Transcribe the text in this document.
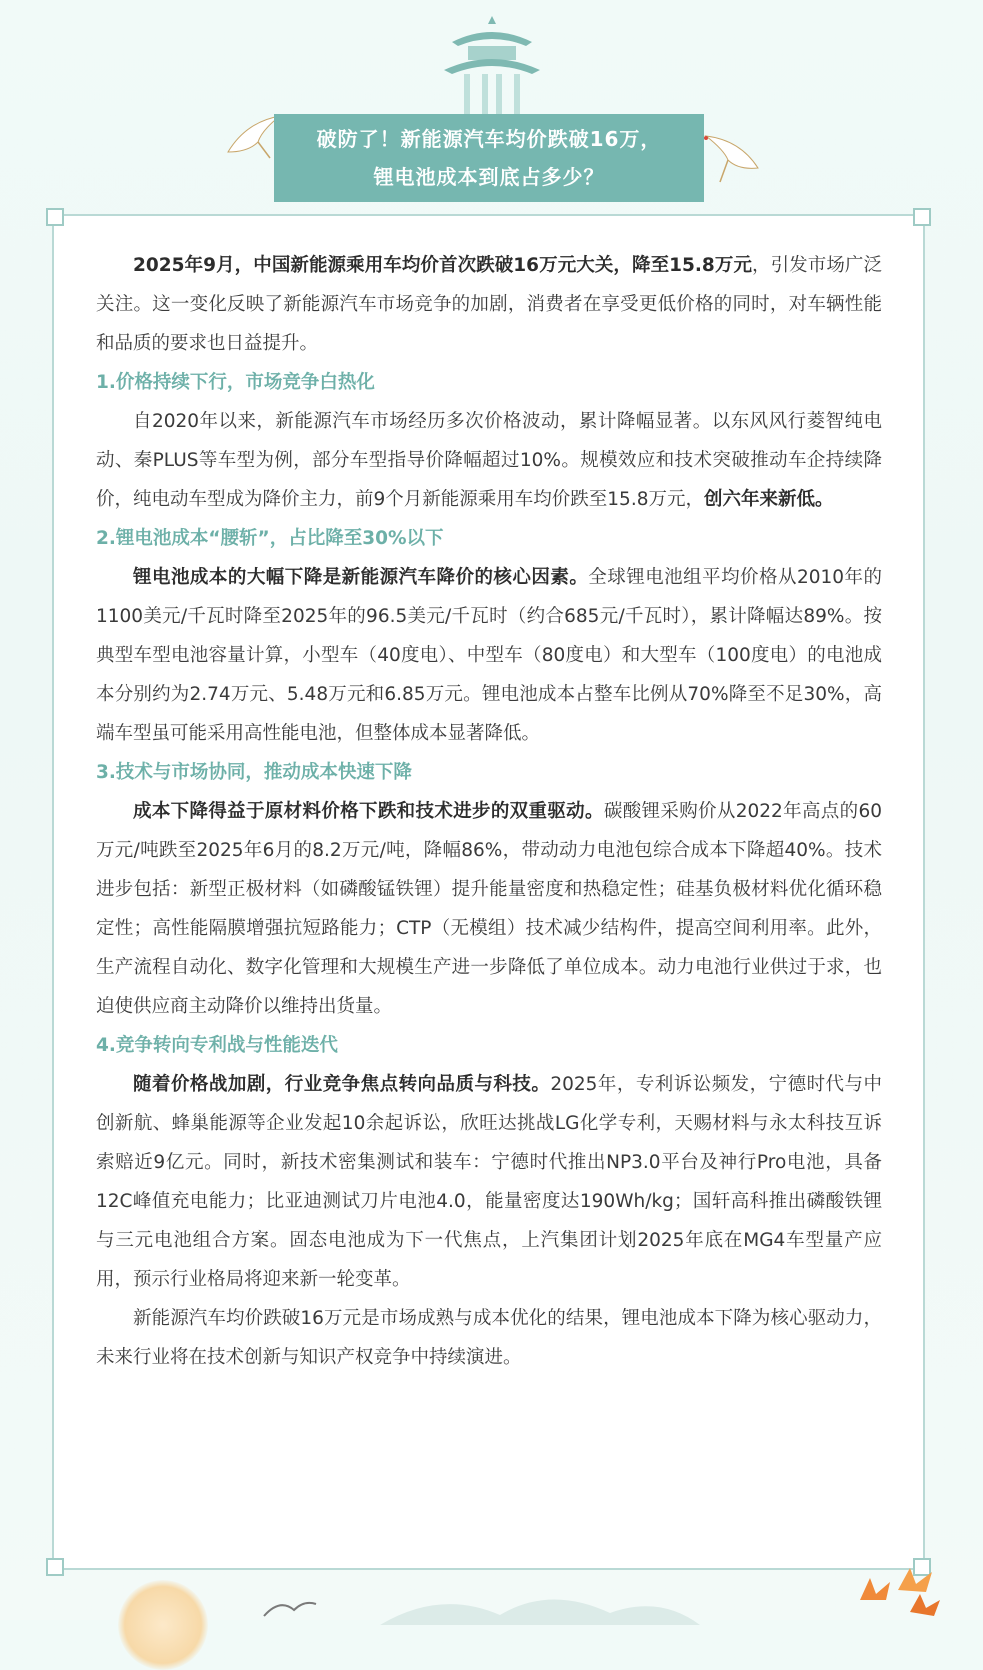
破防了！新能源汽车均价跌破16万，
锂电池成本到底占多少？

2025年9月，中国新能源乘用车均价首次跌破16万元大关，降至15.8万元，引发市场广泛关注。这一变化反映了新能源汽车市场竞争的加剧，消费者在享受更低价格的同时，对车辆性能和品质的要求也日益提升。

1.价格持续下行，市场竞争白热化

自2020年以来，新能源汽车市场经历多次价格波动，累计降幅显著。以东风风行菱智纯电动、秦PLUS等车型为例，部分车型指导价降幅超过10%。规模效应和技术突破推动车企持续降价，纯电动车型成为降价主力，前9个月新能源乘用车均价跌至15.8万元，创六年来新低。

2.锂电池成本“腰斩”，占比降至30%以下

锂电池成本的大幅下降是新能源汽车降价的核心因素。全球锂电池组平均价格从2010年的1100美元/千瓦时降至2025年的96.5美元/千瓦时（约合685元/千瓦时），累计降幅达89%。按典型车型电池容量计算，小型车（40度电）、中型车（80度电）和大型车（100度电）的电池成本分别约为2.74万元、5.48万元和6.85万元。锂电池成本占整车比例从70%降至不足30%，高端车型虽可能采用高性能电池，但整体成本显著降低。

3.技术与市场协同，推动成本快速下降

成本下降得益于原材料价格下跌和技术进步的双重驱动。碳酸锂采购价从2022年高点的60万元/吨跌至2025年6月的8.2万元/吨，降幅86%，带动动力电池包综合成本下降超40%。技术进步包括：新型正极材料（如磷酸锰铁锂）提升能量密度和热稳定性；硅基负极材料优化循环稳定性；高性能隔膜增强抗短路能力；CTP（无模组）技术减少结构件，提高空间利用率。此外，生产流程自动化、数字化管理和大规模生产进一步降低了单位成本。动力电池行业供过于求，也迫使供应商主动降价以维持出货量。

4.竞争转向专利战与性能迭代

随着价格战加剧，行业竞争焦点转向品质与科技。2025年，专利诉讼频发，宁德时代与中创新航、蜂巢能源等企业发起10余起诉讼，欣旺达挑战LG化学专利，天赐材料与永太科技互诉索赔近9亿元。同时，新技术密集测试和装车：宁德时代推出NP3.0平台及神行Pro电池，具备12C峰值充电能力；比亚迪测试刀片电池4.0，能量密度达190Wh/kg；国轩高科推出磷酸铁锂与三元电池组合方案。固态电池成为下一代焦点，上汽集团计划2025年底在MG4车型量产应用，预示行业格局将迎来新一轮变革。

新能源汽车均价跌破16万元是市场成熟与成本优化的结果，锂电池成本下降为核心驱动力，未来行业将在技术创新与知识产权竞争中持续演进。
